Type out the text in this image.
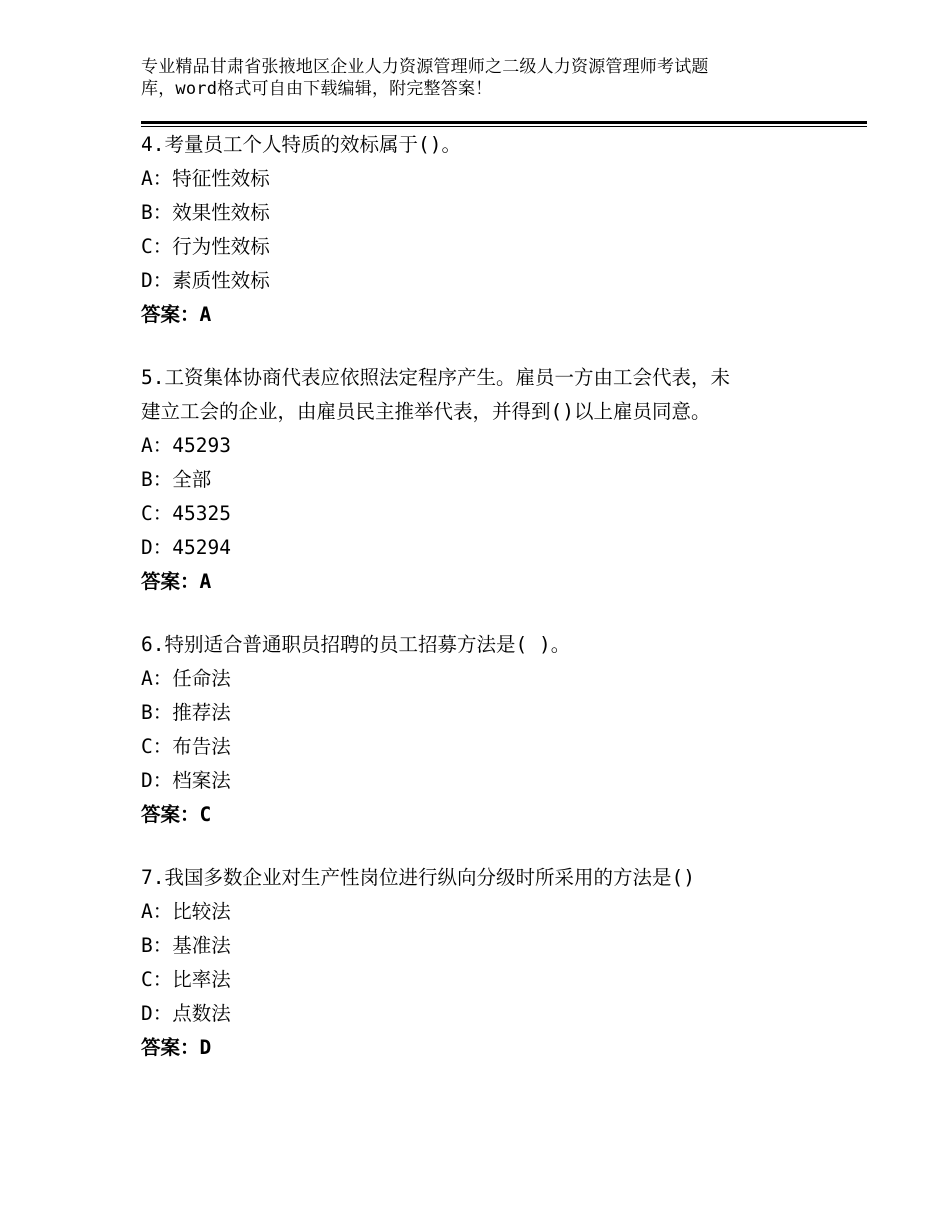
专业精品甘肃省张掖地区企业人力资源管理师之二级人力资源管理师考试题
库，word格式可自由下载编辑，附完整答案！
4.考量员工个人特质的效标属于()。
A：特征性效标
B：效果性效标
C：行为性效标
D：素质性效标
答案：A
5.工资集体协商代表应依照法定程序产生。雇员一方由工会代表，未
建立工会的企业，由雇员民主推举代表，并得到()以上雇员同意。
A：45293
B：全部
C：45325
D：45294
答案：A
6.特别适合普通职员招聘的员工招募方法是( )。
A：任命法
B：推荐法
C：布告法
D：档案法
答案：C
7.我国多数企业对生产性岗位进行纵向分级时所采用的方法是()
A：比较法
B：基准法
C：比率法
D：点数法
答案：D
